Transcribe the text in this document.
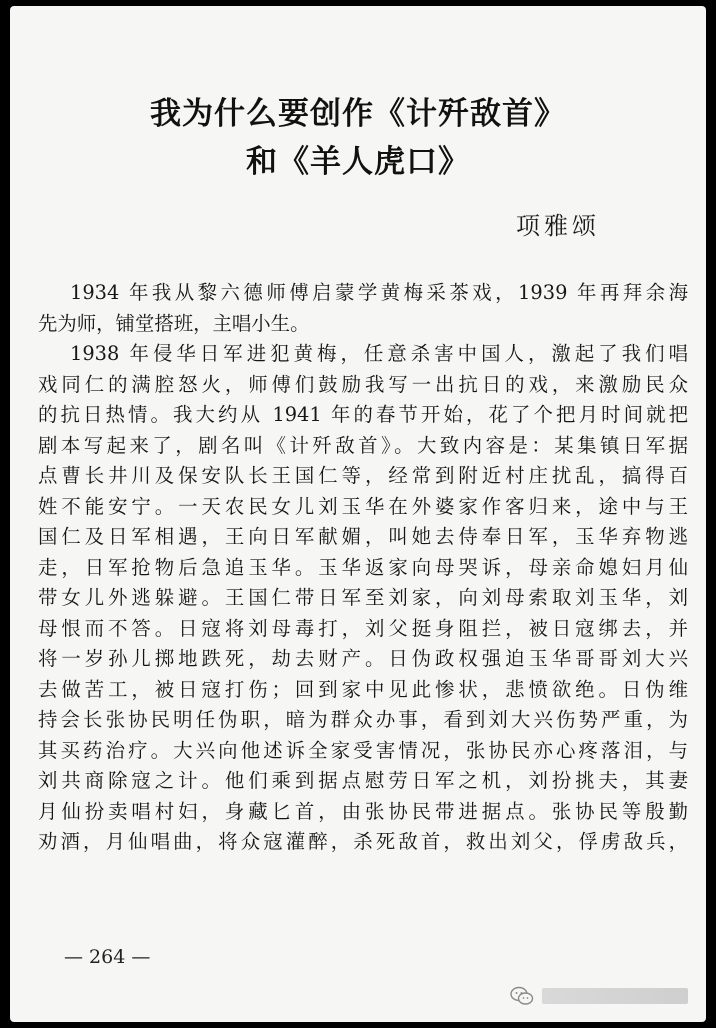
我为什么要创作《计歼敌首》
和《羊人虎口》
项雅颂
1934 年我从黎六德师傅启蒙学黄梅采茶戏，1939 年再拜余海
先为师，铺堂搭班，主唱小生。
1938 年侵华日军进犯黄梅，任意杀害中国人，激起了我们唱
戏同仁的满腔怒火，师傅们鼓励我写一出抗日的戏，来激励民众
的抗日热情。我大约从 1941 年的春节开始，花了个把月时间就把
剧本写起来了，剧名叫《计歼敌首》。大致内容是：某集镇日军据
点曹长井川及保安队长王国仁等，经常到附近村庄扰乱，搞得百
姓不能安宁。一天农民女儿刘玉华在外婆家作客归来，途中与王
国仁及日军相遇，王向日军献媚，叫她去侍奉日军，玉华弃物逃
走，日军抢物后急追玉华。玉华返家向母哭诉，母亲命媳妇月仙
带女儿外逃躲避。王国仁带日军至刘家，向刘母索取刘玉华，刘
母恨而不答。日寇将刘母毒打，刘父挺身阻拦，被日寇绑去，并
将一岁孙儿掷地跌死，劫去财产。日伪政权强迫玉华哥哥刘大兴
去做苦工，被日寇打伤；回到家中见此惨状，悲愤欲绝。日伪维
持会长张协民明任伪职，暗为群众办事，看到刘大兴伤势严重，为
其买药治疗。大兴向他述诉全家受害情况，张协民亦心疼落泪，与
刘共商除寇之计。他们乘到据点慰劳日军之机，刘扮挑夫，其妻
月仙扮卖唱村妇，身藏匕首，由张协民带进据点。张协民等殷勤
劝酒，月仙唱曲，将众寇灌醉，杀死敌首，救出刘父，俘虏敌兵，
— 264 —
